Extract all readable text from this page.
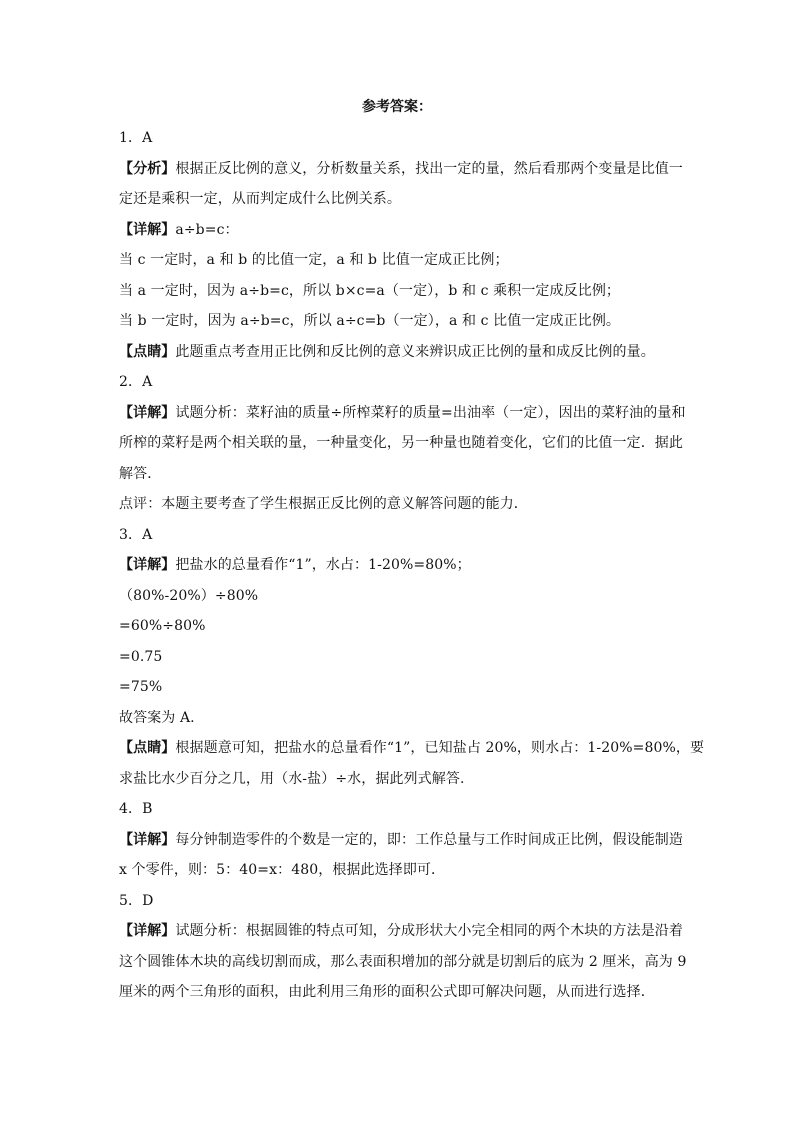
参考答案：
1．A
【分析】根据正反比例的意义，分析数量关系，找出一定的量，然后看那两个变量是比值一
定还是乘积一定，从而判定成什么比例关系。
【详解】a÷b=c：
当 c 一定时，a 和 b 的比值一定，a 和 b 比值一定成正比例；
当 a 一定时，因为 a÷b=c，所以 b×c=a（一定），b 和 c 乘积一定成反比例；
当 b 一定时，因为 a÷b=c，所以 a÷c=b（一定），a 和 c 比值一定成正比例。
【点睛】此题重点考查用正比例和反比例的意义来辨识成正比例的量和成反比例的量。
2．A
【详解】试题分析：菜籽油的质量÷所榨菜籽的质量=出油率（一定），因出的菜籽油的量和
所榨的菜籽是两个相关联的量，一种量变化，另一种量也随着变化，它们的比值一定．据此
解答．
点评：本题主要考查了学生根据正反比例的意义解答问题的能力．
3．A
【详解】把盐水的总量看作“1”，水占：1-20%=80%；
（80%-20%）÷80%
=60%÷80%
=0.75
=75%
故答案为 A.
【点睛】根据题意可知，把盐水的总量看作“1”，已知盐占 20%，则水占：1-20%=80%，要
求盐比水少百分之几，用（水-盐）÷水，据此列式解答.
4．B
【详解】每分钟制造零件的个数是一定的，即：工作总量与工作时间成正比例，假设能制造
x 个零件，则：5：40=x：480，根据此选择即可．
5．D
【详解】试题分析：根据圆锥的特点可知，分成形状大小完全相同的两个木块的方法是沿着
这个圆锥体木块的高线切割而成，那么表面积增加的部分就是切割后的底为 2 厘米，高为 9
厘米的两个三角形的面积，由此利用三角形的面积公式即可解决问题，从而进行选择．
